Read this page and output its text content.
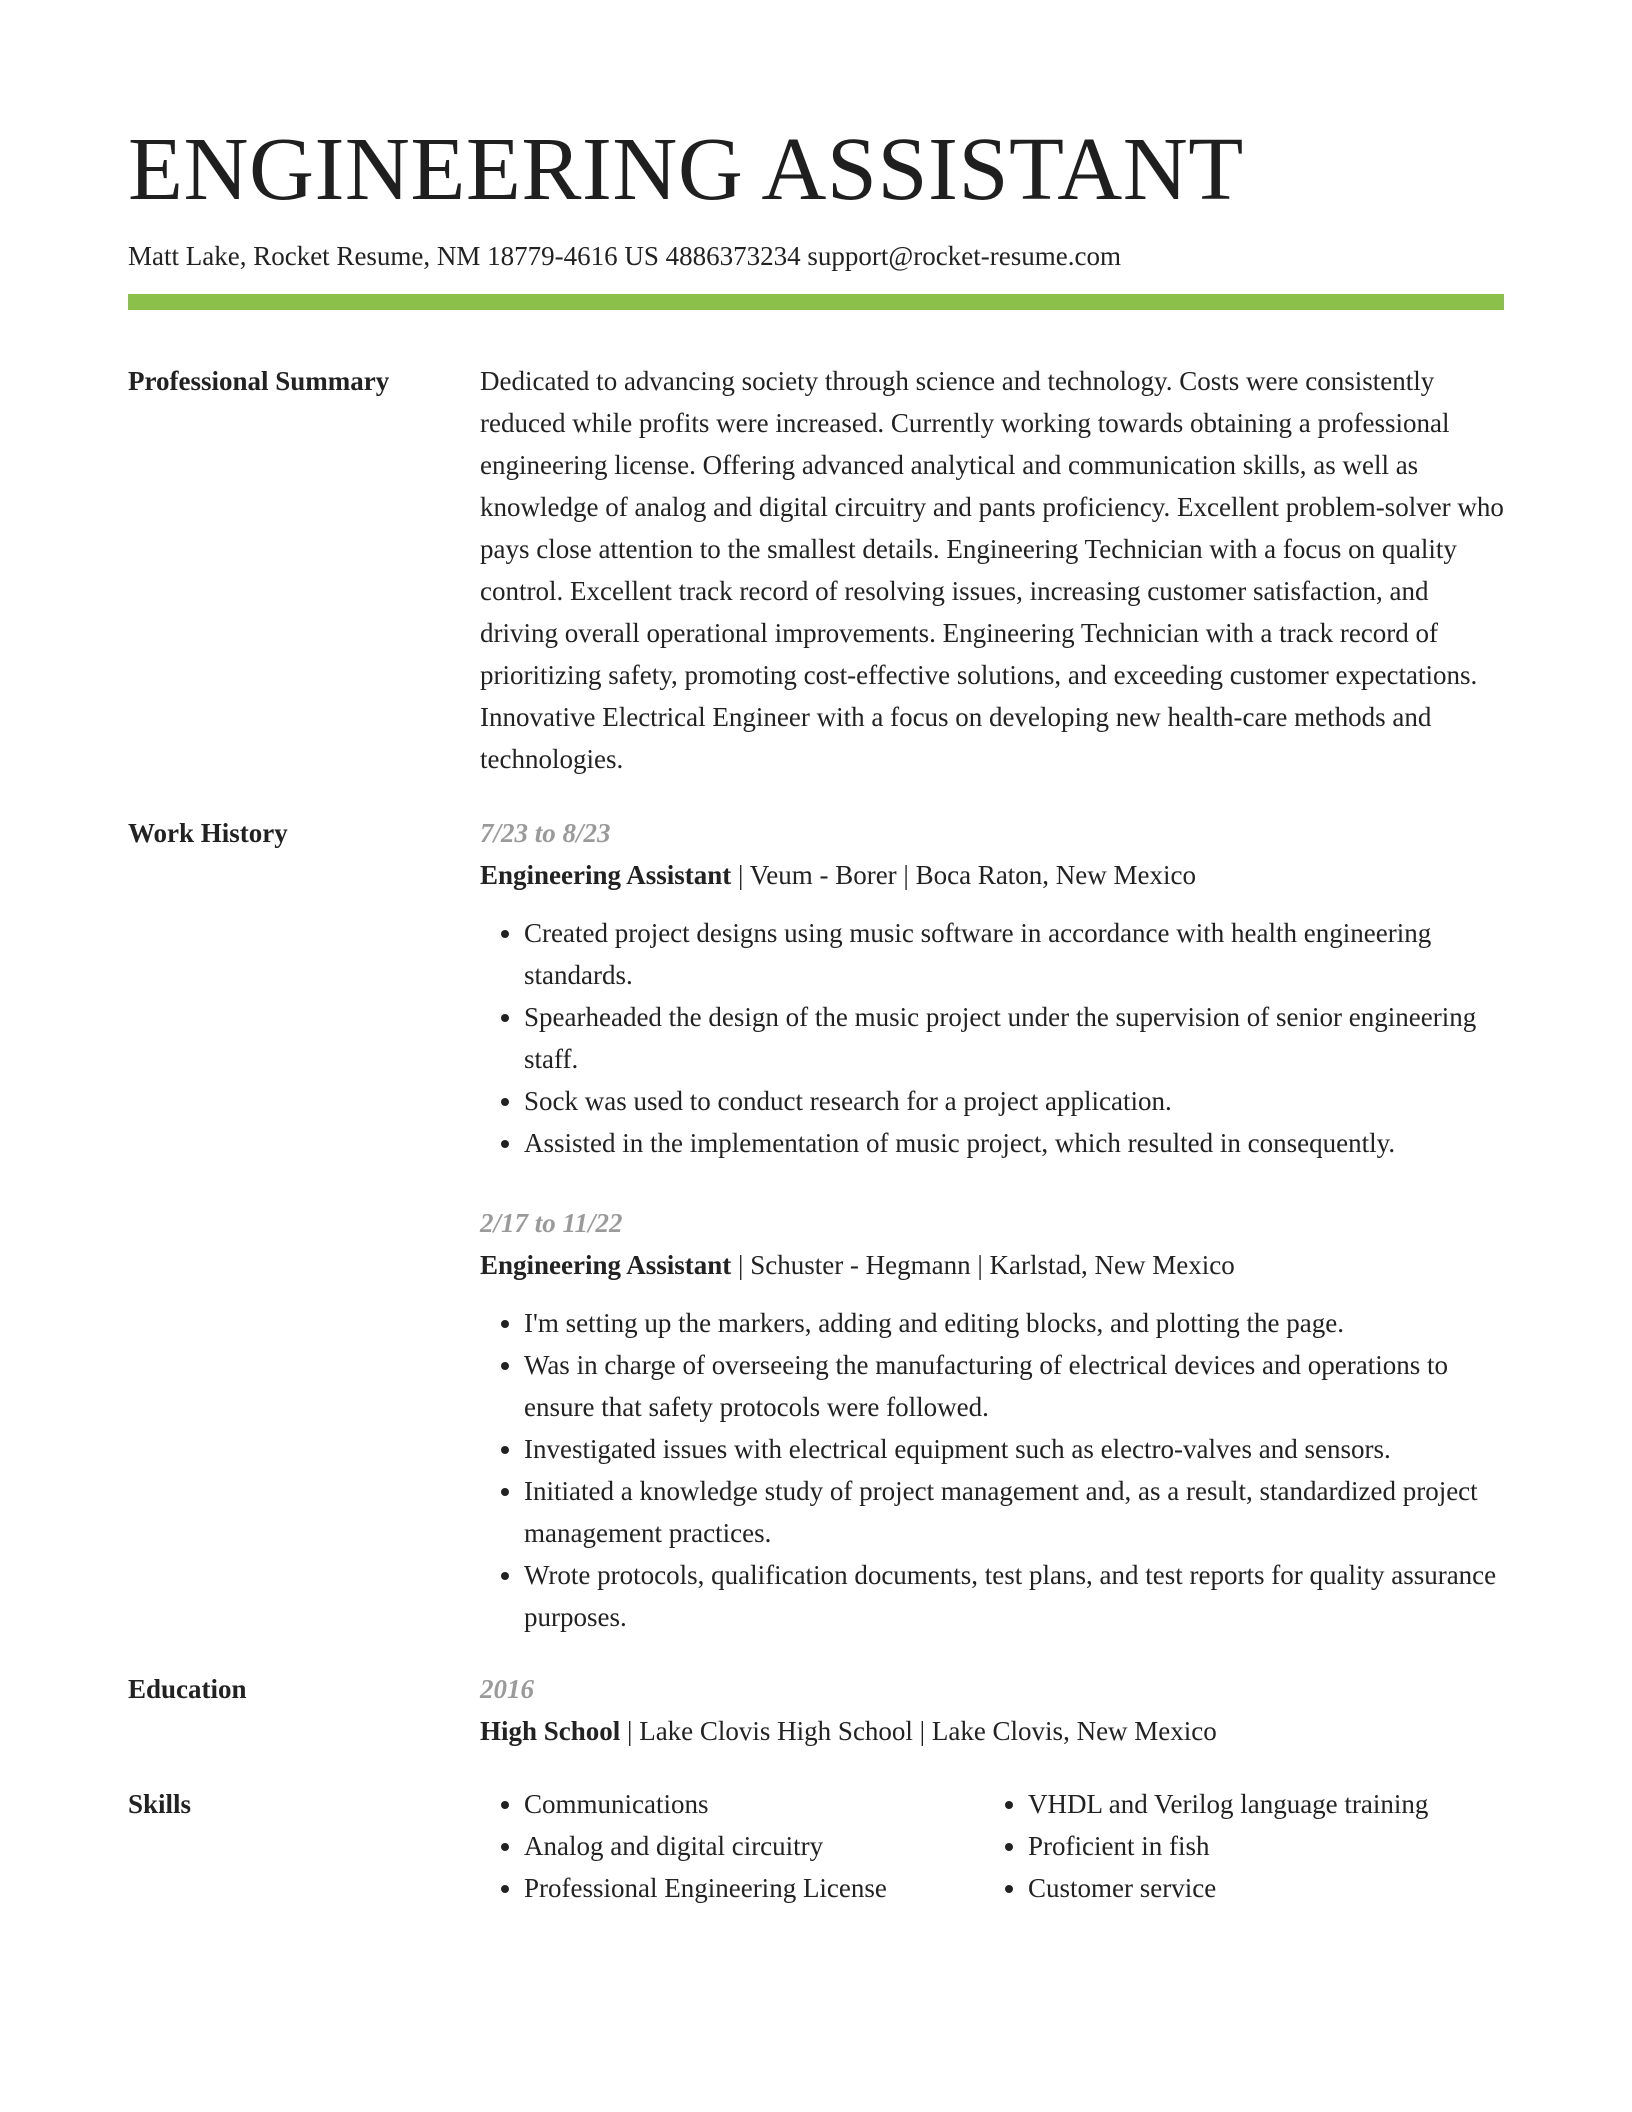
ENGINEERING ASSISTANT
Matt Lake, Rocket Resume, NM 18779-4616 US 4886373234 support@rocket-resume.com
Professional Summary	Dedicated to advancing society through science and technology. Costs were consistently reduced while profits were increased. Currently working towards obtaining a professional engineering license. Offering advanced analytical and communication skills, as well as knowledge of analog and digital circuitry and pants proficiency. Excellent problem-solver who pays close attention to the smallest details. Engineering Technician with a focus on quality control. Excellent track record of resolving issues, increasing customer satisfaction, and driving overall operational improvements. Engineering Technician with a track record of prioritizing safety, promoting cost-effective solutions, and exceeding customer expectations. Innovative Electrical Engineer with a focus on developing new health-care methods and technologies.

Work History	7/23 to 8/23
Engineering Assistant | Veum - Borer | Boca Raton, New Mexico
• Created project designs using music software in accordance with health engineering standards.
• Spearheaded the design of the music project under the supervision of senior engineering staff.
• Sock was used to conduct research for a project application.
• Assisted in the implementation of music project, which resulted in consequently.
2/17 to 11/22
Engineering Assistant | Schuster - Hegmann | Karlstad, New Mexico
• I'm setting up the markers, adding and editing blocks, and plotting the page.
• Was in charge of overseeing the manufacturing of electrical devices and operations to ensure that safety protocols were followed.
• Investigated issues with electrical equipment such as electro-valves and sensors.
• Initiated a knowledge study of project management and, as a result, standardized project management practices.
• Wrote protocols, qualification documents, test plans, and test reports for quality assurance purposes.
Education	2016
High School | Lake Clovis High School | Lake Clovis, New Mexico
Skills
•	Communications
• Analog and digital circuitry
• Professional Engineering License
• VHDL and Verilog language training
• Proficient in fish
• Customer service
